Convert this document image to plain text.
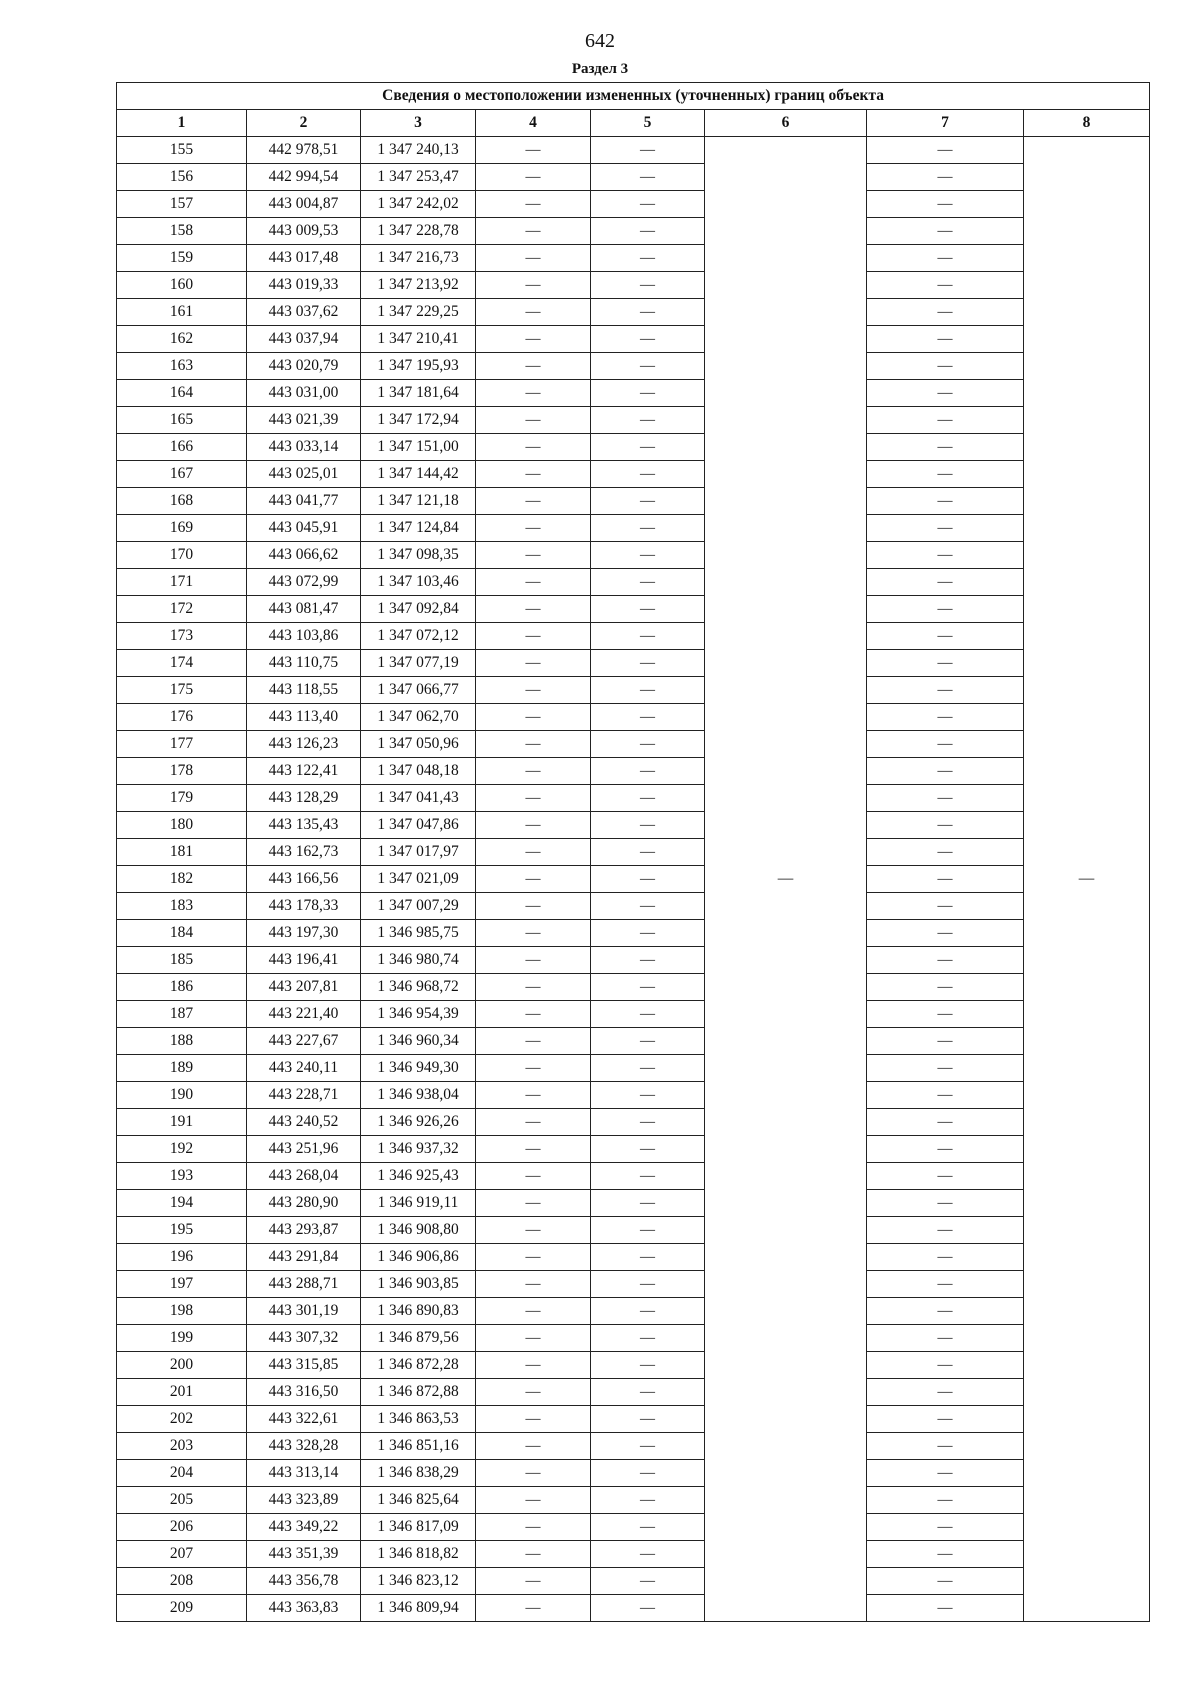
642
Раздел 3
Сведения о местоположении измененных (уточненных) границ объекта							
1	2	3	4	5	6	7	8
155	442 978,51	1 347 240,13	—	—	—	—	—
156	442 994,54	1 347 253,47	—	—		—	
157	443 004,87	1 347 242,02	—	—		—	
158	443 009,53	1 347 228,78	—	—		—	
159	443 017,48	1 347 216,73	—	—		—	
160	443 019,33	1 347 213,92	—	—		—	
161	443 037,62	1 347 229,25	—	—		—	
162	443 037,94	1 347 210,41	—	—		—	
163	443 020,79	1 347 195,93	—	—		—	
164	443 031,00	1 347 181,64	—	—		—	
165	443 021,39	1 347 172,94	—	—		—	
166	443 033,14	1 347 151,00	—	—		—	
167	443 025,01	1 347 144,42	—	—		—	
168	443 041,77	1 347 121,18	—	—		—	
169	443 045,91	1 347 124,84	—	—		—	
170	443 066,62	1 347 098,35	—	—		—	
171	443 072,99	1 347 103,46	—	—		—	
172	443 081,47	1 347 092,84	—	—		—	
173	443 103,86	1 347 072,12	—	—		—	
174	443 110,75	1 347 077,19	—	—		—	
175	443 118,55	1 347 066,77	—	—		—	
176	443 113,40	1 347 062,70	—	—		—	
177	443 126,23	1 347 050,96	—	—		—	
178	443 122,41	1 347 048,18	—	—		—	
179	443 128,29	1 347 041,43	—	—		—	
180	443 135,43	1 347 047,86	—	—		—	
181	443 162,73	1 347 017,97	—	—		—	
182	443 166,56	1 347 021,09	—	—		—	
183	443 178,33	1 347 007,29	—	—		—	
184	443 197,30	1 346 985,75	—	—		—	
185	443 196,41	1 346 980,74	—	—		—	
186	443 207,81	1 346 968,72	—	—		—	
187	443 221,40	1 346 954,39	—	—		—	
188	443 227,67	1 346 960,34	—	—		—	
189	443 240,11	1 346 949,30	—	—		—	
190	443 228,71	1 346 938,04	—	—		—	
191	443 240,52	1 346 926,26	—	—		—	
192	443 251,96	1 346 937,32	—	—		—	
193	443 268,04	1 346 925,43	—	—		—	
194	443 280,90	1 346 919,11	—	—		—	
195	443 293,87	1 346 908,80	—	—		—	
196	443 291,84	1 346 906,86	—	—		—	
197	443 288,71	1 346 903,85	—	—		—	
198	443 301,19	1 346 890,83	—	—		—	
199	443 307,32	1 346 879,56	—	—		—	
200	443 315,85	1 346 872,28	—	—		—	
201	443 316,50	1 346 872,88	—	—		—	
202	443 322,61	1 346 863,53	—	—		—	
203	443 328,28	1 346 851,16	—	—		—	
204	443 313,14	1 346 838,29	—	—		—	
205	443 323,89	1 346 825,64	—	—		—	
206	443 349,22	1 346 817,09	—	—		—	
207	443 351,39	1 346 818,82	—	—		—	
208	443 356,78	1 346 823,12	—	—		—	
209	443 363,83	1 346 809,94	—	—		—	
